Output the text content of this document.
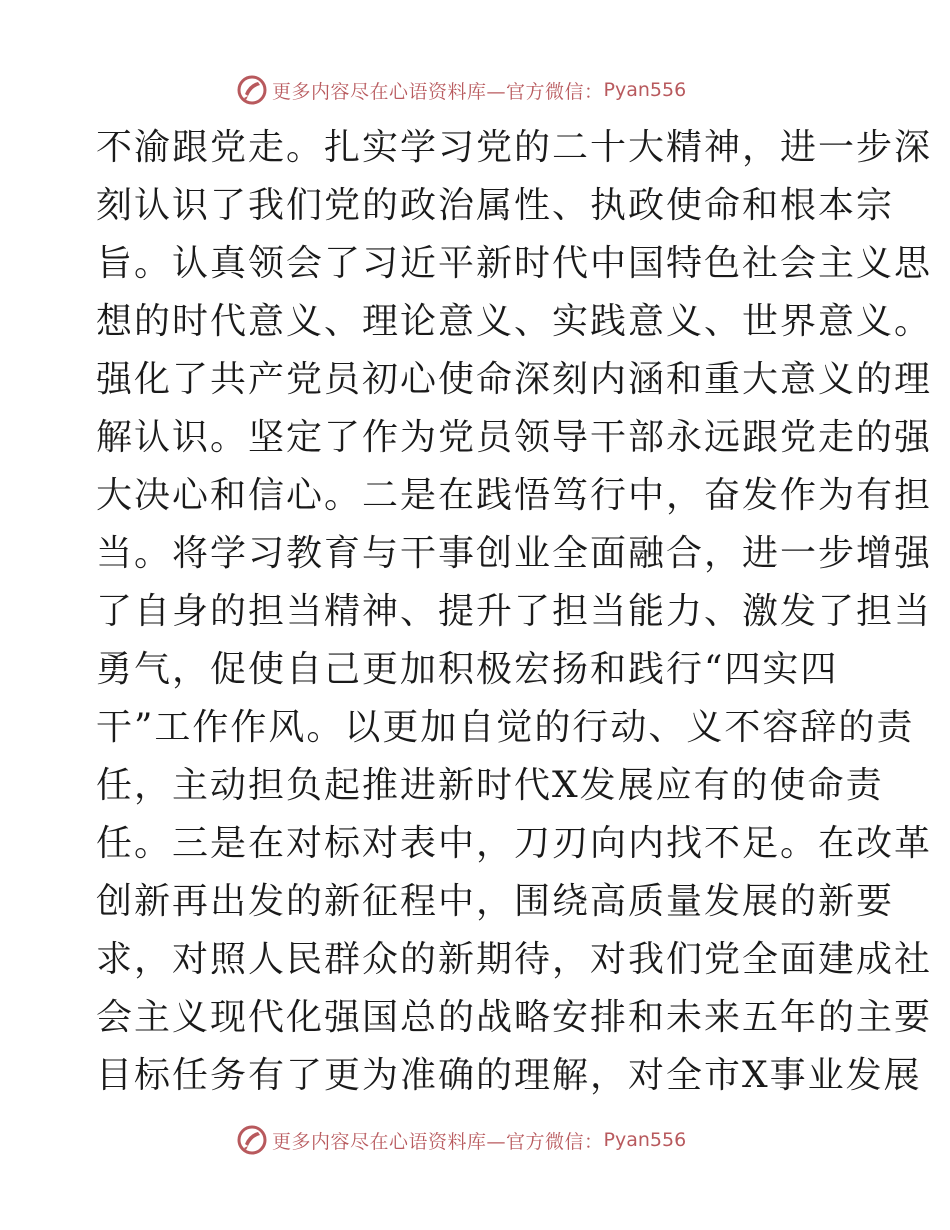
更多内容尽在心语资料库—官方微信： Pyan556
不渝跟党走。扎实学习党的二十大精神，进一步深
刻认识了我们党的政治属性、执政使命和根本宗
旨。认真领会了习近平新时代中国特色社会主义思
想的时代意义、理论意义、实践意义、世界意义。
强化了共产党员初心使命深刻内涵和重大意义的理
解认识。坚定了作为党员领导干部永远跟党走的强
大决心和信心。二是在践悟笃行中，奋发作为有担
当。将学习教育与干事创业全面融合，进一步增强
了自身的担当精神、提升了担当能力、激发了担当
勇气，促使自己更加积极宏扬和践行“四实四
干”工作作风。以更加自觉的行动、义不容辞的责
任，主动担负起推进新时代X发展应有的使命责
任。三是在对标对表中，刀刃向内找不足。在改革
创新再出发的新征程中，围绕高质量发展的新要
求，对照人民群众的新期待，对我们党全面建成社
会主义现代化强国总的战略安排和未来五年的主要
目标任务有了更为准确的理解，对全市X事业发展
更多内容尽在心语资料库—官方微信： Pyan556
